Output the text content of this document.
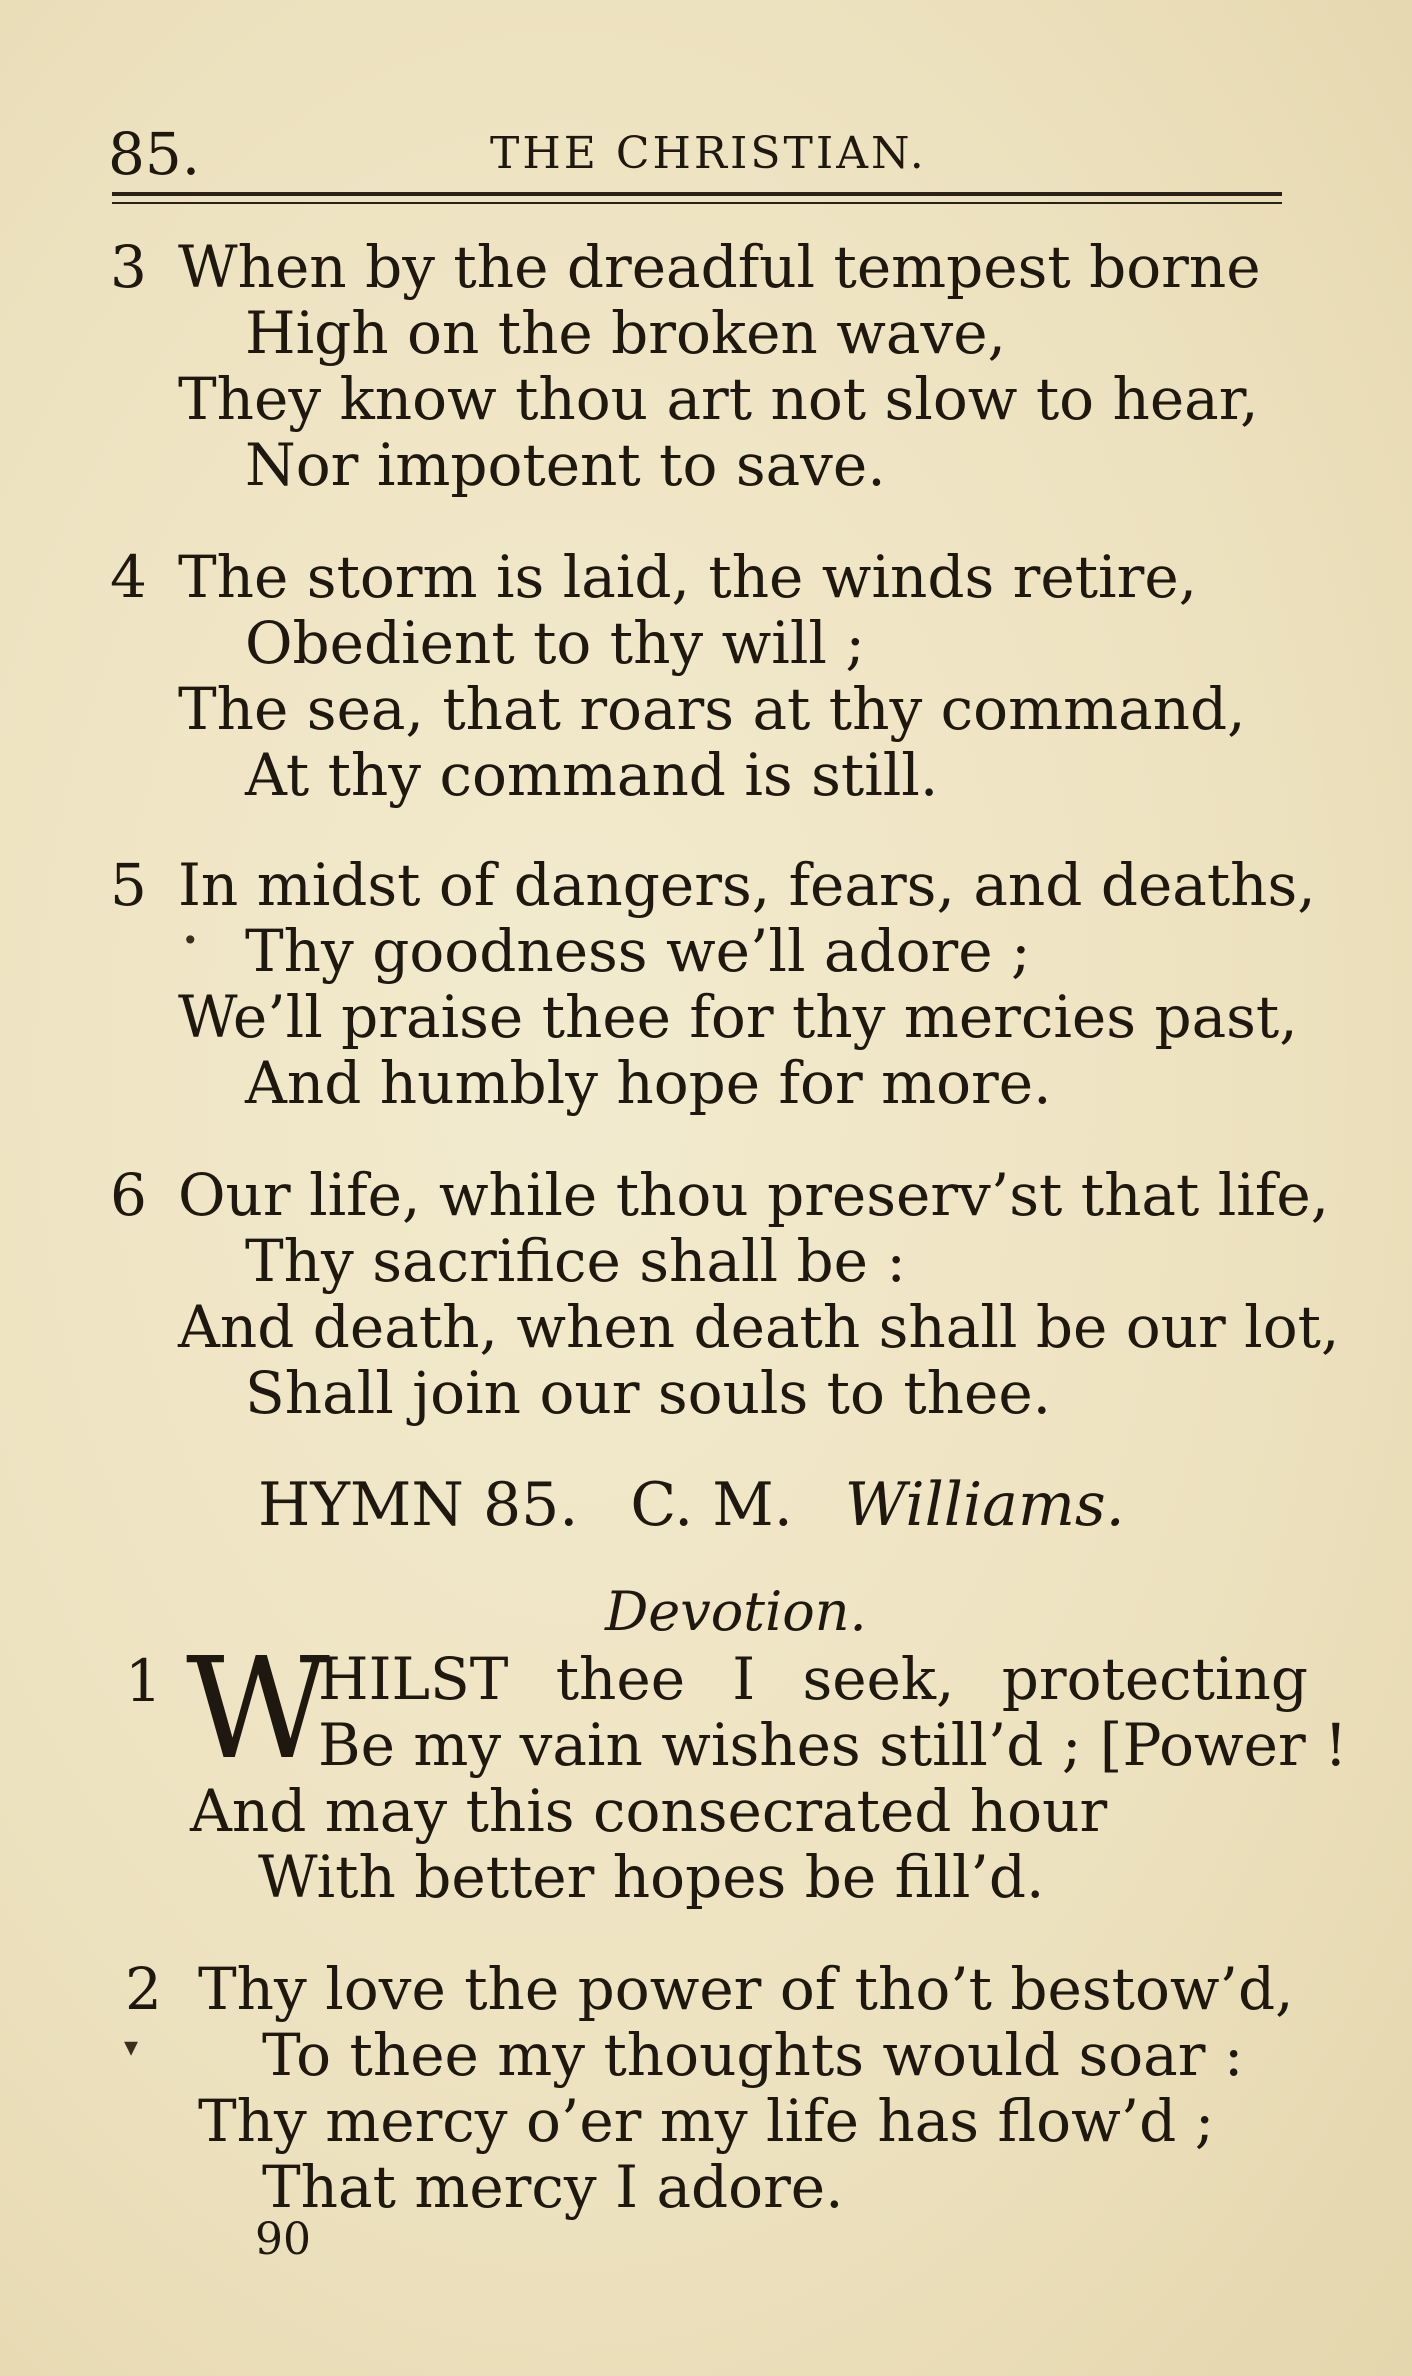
85.	THE CHRISTIAN.
3 When by the dreadful tempest borne
High on the broken wave,
They know thou art not slow to hear,
Nor impotent to save.
4 The storm is laid, the winds retire,
Obedient to thy will ;
The sea, that roars at thy command,
At thy command is still.
5 In midst of dangers, fears, and deaths,
• Thy goodness we’ll adore ;
We’ll praise thee for thy mercies past,
And humbly hope for more.
6 Our life, while thou preserv’st that life,
Thy sacrifice shall be :
And death, when death shall be our lot,
Shall join our souls to thee.
HYMN 85. C. M. Williams.
Devotion.
1 W
HILST thee I seek, protecting
Be my vain wishes still’d ; [Power !
And may this consecrated hour
With better hopes be fill’d.
2 Thy love the power of tho’t bestow’d,
▾ To thee my thoughts would soar :
Thy mercy o’er my life has flow’d ;
That mercy I adore.
90
